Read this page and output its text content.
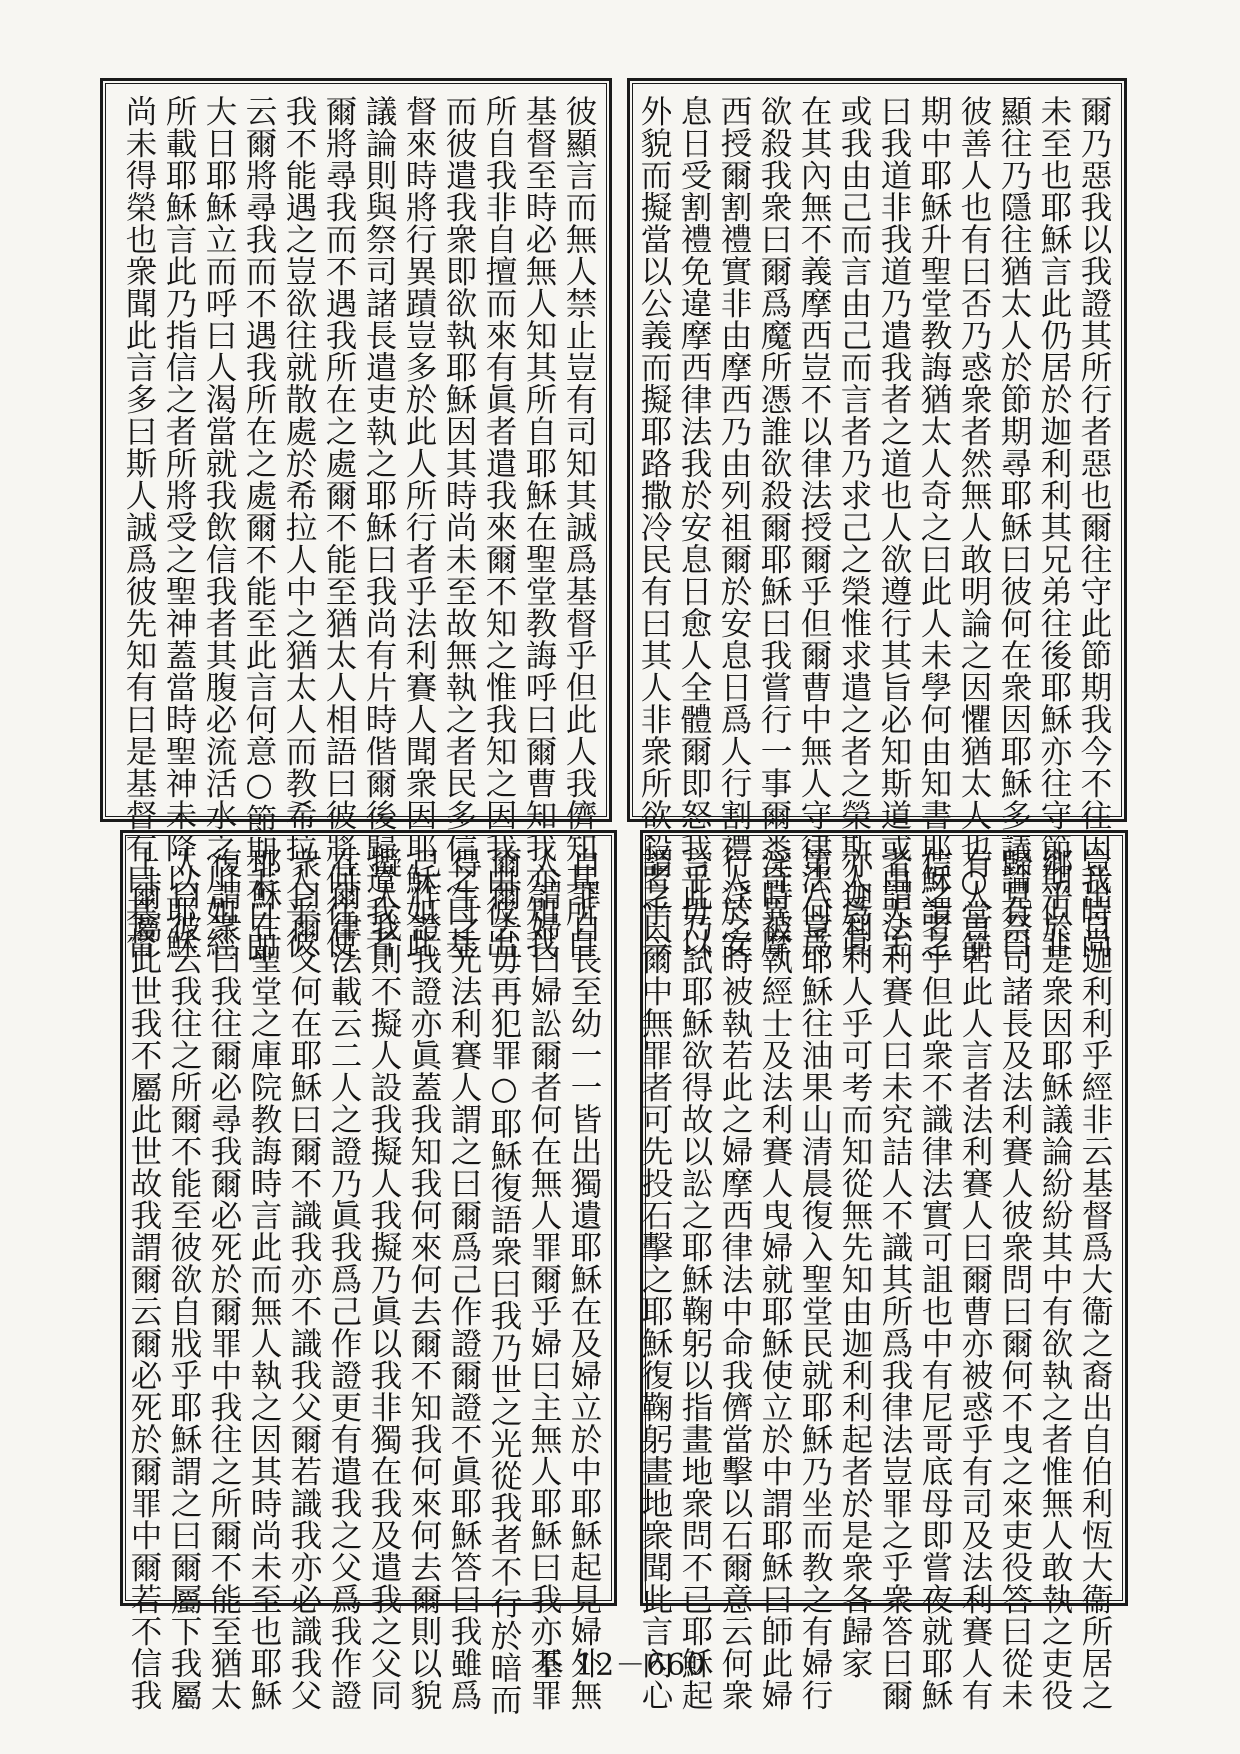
彼顯言而無人禁止豈有司知其誠爲基督乎但此人我儕知其所自

基督至時必無人知其所自耶穌在聖堂教誨呼曰爾曹知我亦知我

所自我非自擅而來有眞者遣我來爾不知之惟我知之因我由彼出

而彼遣我衆即欲執耶穌因其時尚未至故無執之者民多信之曰基

督來時將行異蹟豈多於此人所行者乎法利賽人聞衆因耶穌如此

議論則與祭司諸長遣吏執之耶穌曰我尚有片時偕爾後歸遣我者

爾將尋我而不遇我所在之處爾不能至猶太人相語曰彼將何往使

我不能遇之豈欲往就散處於希拉人中之猶太人而教希拉人乎彼

云爾將尋我而不遇我所在之處爾不能至此言何意○節期末日即

大日耶穌立而呼曰人渴當就我飲信我者其腹必流活水之川如經

所載耶穌言此乃指信之者所將受之聖神蓋當時聖神未降以耶穌

尚未得榮也衆聞此言多曰斯人誠爲彼先知有曰是基督有曰基督	爾乃惡我以我證其所行者惡也爾往守此節期我今不往因我時尚

未至也耶穌言此仍居於迦利利其兄弟往後耶穌亦往守節期但非

顯往乃隱往猶太人於節期尋耶穌曰彼何在衆因耶穌多議論有曰

彼善人也有曰否乃惑衆者然無人敢明論之因懼猶太人也○當節

期中耶穌升聖堂教誨猶太人奇之曰此人未學何由知書耶穌謂之

曰我道非我道乃遣我者之道也人欲遵行其旨必知斯道或由天主

或我由己而言由己而言者乃求己之榮惟求遣之者之榮斯人爲眞

在其內無不義摩西豈不以律法授爾乎但爾曹中無人守律法何爲

欲殺我衆曰爾爲魔所憑誰欲殺爾耶穌曰我嘗行一事爾悉奇異摩

西授爾割禮實非由摩西乃由列祖爾於安息日爲人行割禮人於安

息日受割禮免違摩西律法我於安息日愈人全體爾即怒我乎毋以

外貌而擬當以公義而擬耶路撒冷民有曰其人非衆所欲殺者乎今

自罪自長至幼一一皆出獨遺耶穌在及婦立於中耶穌起見婦外無

人謂婦曰婦訟爾者何在無人罪爾乎婦曰主無人耶穌曰我亦不罪

爾爾去毋再犯罪○耶穌復語衆曰我乃世之光從我者不行於暗而

得生之光法利賽人謂之曰爾爲己作證爾證不眞耶穌答曰我雖爲

己作證我證亦眞蓋我知我何來何去爾不知我何來何去爾則以貌

擬人我則不擬人設我擬人我擬乃眞以我非獨在我及遣我之父同

在爾律法載云二人之證乃眞我爲己作證更有遣我之父爲我作證

衆曰爾父何在耶穌曰爾不識我亦不識我父爾若識我亦必識我父

耶穌在聖堂之庫院教誨時言此而無人執之因其時尚未至也耶穌

復謂衆曰我往爾必尋我爾必死於爾罪中我往之所爾不能至猶太

人曰彼云我往之所爾不能至彼欲自戕乎耶穌謂之曰爾屬下我屬

上爾屬此世我不屬此世故我謂爾云爾必死於爾罪中爾若不信我	豈出自迦利利乎經非云基督爲大衞之裔出自伯利恆大衞所居之

鄉乎於是衆因耶穌議論紛紛其中有欲執之者惟無人敢執之吏役

歸見祭司諸長及法利賽人彼衆問曰爾何不曳之來吏役答曰從未

有人言若此人言者法利賽人曰爾曹亦被惑乎有司及法利賽人有

信之者乎但此衆不識律法實可詛也中有尼哥底母即嘗夜就耶穌

者謂法利賽人曰未究詰人不識其所爲我律法豈罪之乎衆答曰爾

亦迦利利人乎可考而知從無先知由迦利利起者於是衆各歸家

第八章耶穌往油果山清晨復入聖堂民就耶穌乃坐而教之有婦行

淫時被執經士及法利賽人曳婦就耶穌使立於中謂耶穌曰師此婦

行淫之時被執若此之婦摩西律法中命我儕當擊以石爾意云何衆

言此乃試耶穌欲得故以訟之耶穌鞠躬以指畫地衆問不已耶穌起

謂之曰爾中無罪者可先投石擊之耶穌復鞠躬畫地衆聞此言內心

基 12－660
